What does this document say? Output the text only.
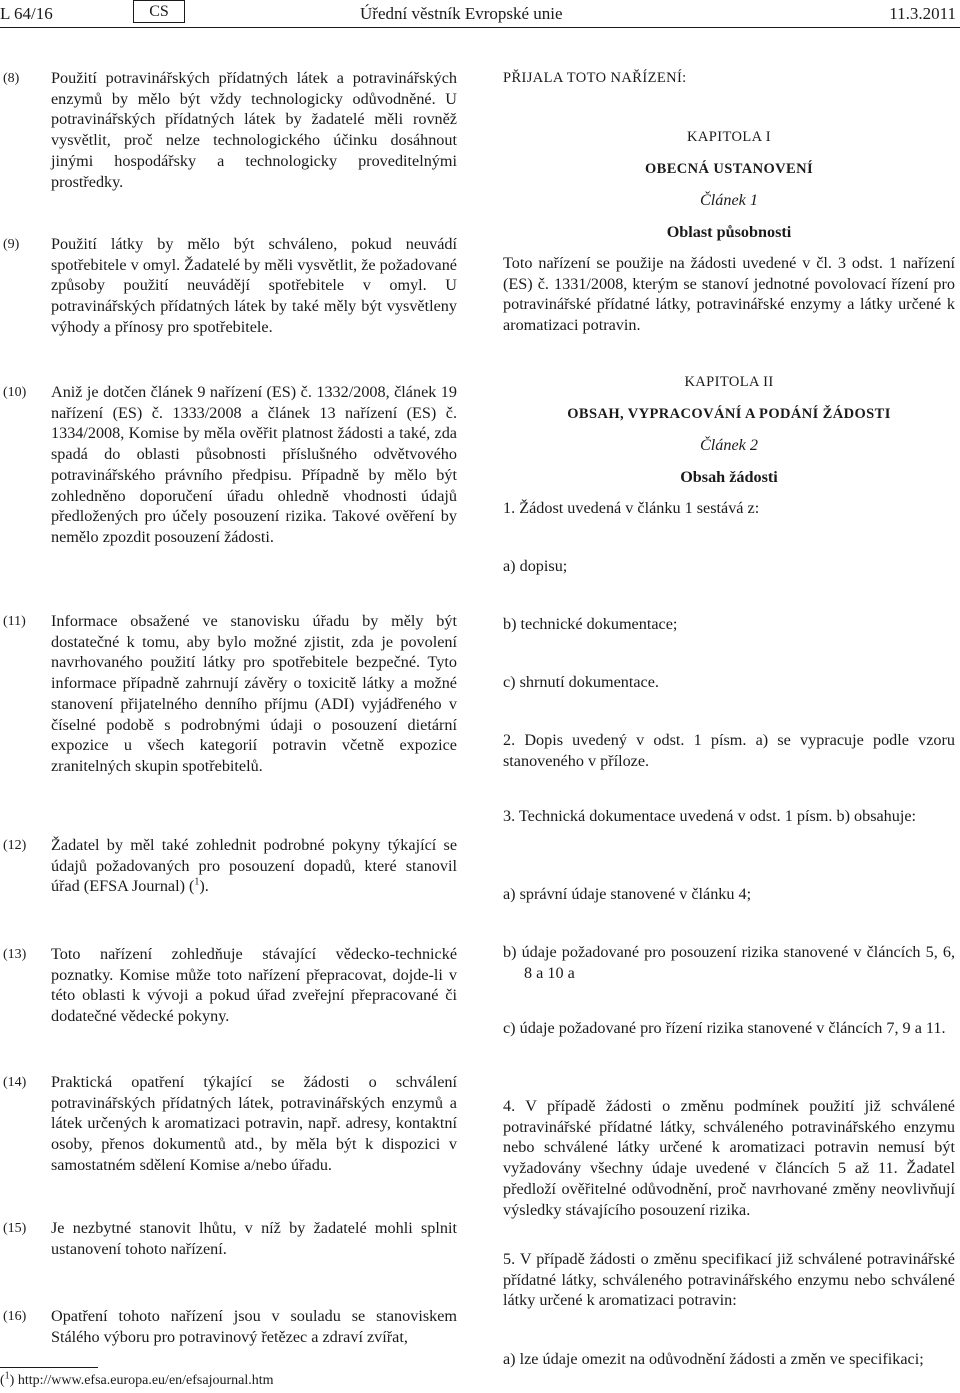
L 64/16	CS	Úřední věstník Evropské unie	11.3.2011
(8) Použití potravinářských přídatných látek a potravinářských enzymů by mělo být vždy technologicky odůvodněné. U potravinářských přídatných látek by žadatelé měli rovněž vysvětlit, proč nelze technologického účinku dosáhnout jinými hospodářsky a technologicky proveditelnými prostředky.
(9) Použití látky by mělo být schváleno, pokud neuvádí spotřebitele v omyl. Žadatelé by měli vysvětlit, že požadované způsoby použití neuvádějí spotřebitele v omyl. U potravinářských přídatných látek by také měly být vysvětleny výhody a přínosy pro spotřebitele.
(10) Aniž je dotčen článek 9 nařízení (ES) č. 1332/2008, článek 19 nařízení (ES) č. 1333/2008 a článek 13 nařízení (ES) č. 1334/2008, Komise by měla ověřit platnost žádosti a také, zda spadá do oblasti působnosti příslušného odvětvového potravinářského právního předpisu. Případně by mělo být zohledněno doporučení úřadu ohledně vhodnosti údajů předložených pro účely posouzení rizika. Takové ověření by nemělo zpozdit posouzení žádosti.
(11) Informace obsažené ve stanovisku úřadu by měly být dostatečné k tomu, aby bylo možné zjistit, zda je povolení navrhovaného použití látky pro spotřebitele bezpečné. Tyto informace případně zahrnují závěry o toxicitě látky a možné stanovení přijatelného denního příjmu (ADI) vyjádřeného v číselné podobě s podrobnými údaji o posouzení dietární expozice u všech kategorií potravin včetně expozice zranitelných skupin spotřebitelů.
(12) Žadatel by měl také zohlednit podrobné pokyny týkající se údajů požadovaných pro posouzení dopadů, které stanovil úřad (EFSA Journal) ($^1$).
(13) Toto nařízení zohledňuje stávající vědecko-technické poznatky. Komise může toto nařízení přepracovat, dojde-li v této oblasti k vývoji a pokud úřad zveřejní přepracované či dodatečné vědecké pokyny.
(14) Praktická opatření týkající se žádosti o schválení potravinářských přídatných látek, potravinářských enzymů a látek určených k aromatizaci potravin, např. adresy, kontaktní osoby, přenos dokumentů atd., by měla být k dispozici v samostatném sdělení Komise a/nebo úřadu.
(15) Je nezbytné stanovit lhůtu, v níž by žadatelé mohli splnit ustanovení tohoto nařízení.
(16) Opatření tohoto nařízení jsou v souladu se stanoviskem Stálého výboru pro potravinový řetězec a zdraví zvířat,
($^1$) http://www.efsa.europa.eu/en/efsajournal.htm
PŘIJALA TOTO NAŘÍZENÍ:
KAPITOLA I
OBECNÁ USTANOVENÍ
Článek 1
Oblast působnosti
Toto nařízení se použije na žádosti uvedené v čl. 3 odst. 1 nařízení (ES) č. 1331/2008, kterým se stanoví jednotné povolovací řízení pro potravinářské přídatné látky, potravinářské enzymy a látky určené k aromatizaci potravin.
KAPITOLA II
OBSAH, VYPRACOVÁNÍ A PODÁNÍ ŽÁDOSTI
Článek 2
Obsah žádosti
1. Žádost uvedená v článku 1 sestává z:
a) dopisu;
b) technické dokumentace;
c) shrnutí dokumentace.
2. Dopis uvedený v odst. 1 písm. a) se vypracuje podle vzoru stanoveného v příloze.
3. Technická dokumentace uvedená v odst. 1 písm. b) obsahuje:
a) správní údaje stanovené v článku 4;
b) údaje požadované pro posouzení rizika stanovené v článcích 5, 6, 8 a 10 a
c) údaje požadované pro řízení rizika stanovené v článcích 7, 9 a 11.
4. V případě žádosti o změnu podmínek použití již schválené potravinářské přídatné látky, schváleného potravinářského enzymu nebo schválené látky určené k aromatizaci potravin nemusí být vyžadovány všechny údaje uvedené v článcích 5 až 11. Žadatel předloží ověřitelné odůvodnění, proč navrhované změny neovlivňují výsledky stávajícího posouzení rizika.
5. V případě žádosti o změnu specifikací již schválené potravinářské přídatné látky, schváleného potravinářského enzymu nebo schválené látky určené k aromatizaci potravin:
a) lze údaje omezit na odůvodnění žádosti a změn ve specifikaci;
